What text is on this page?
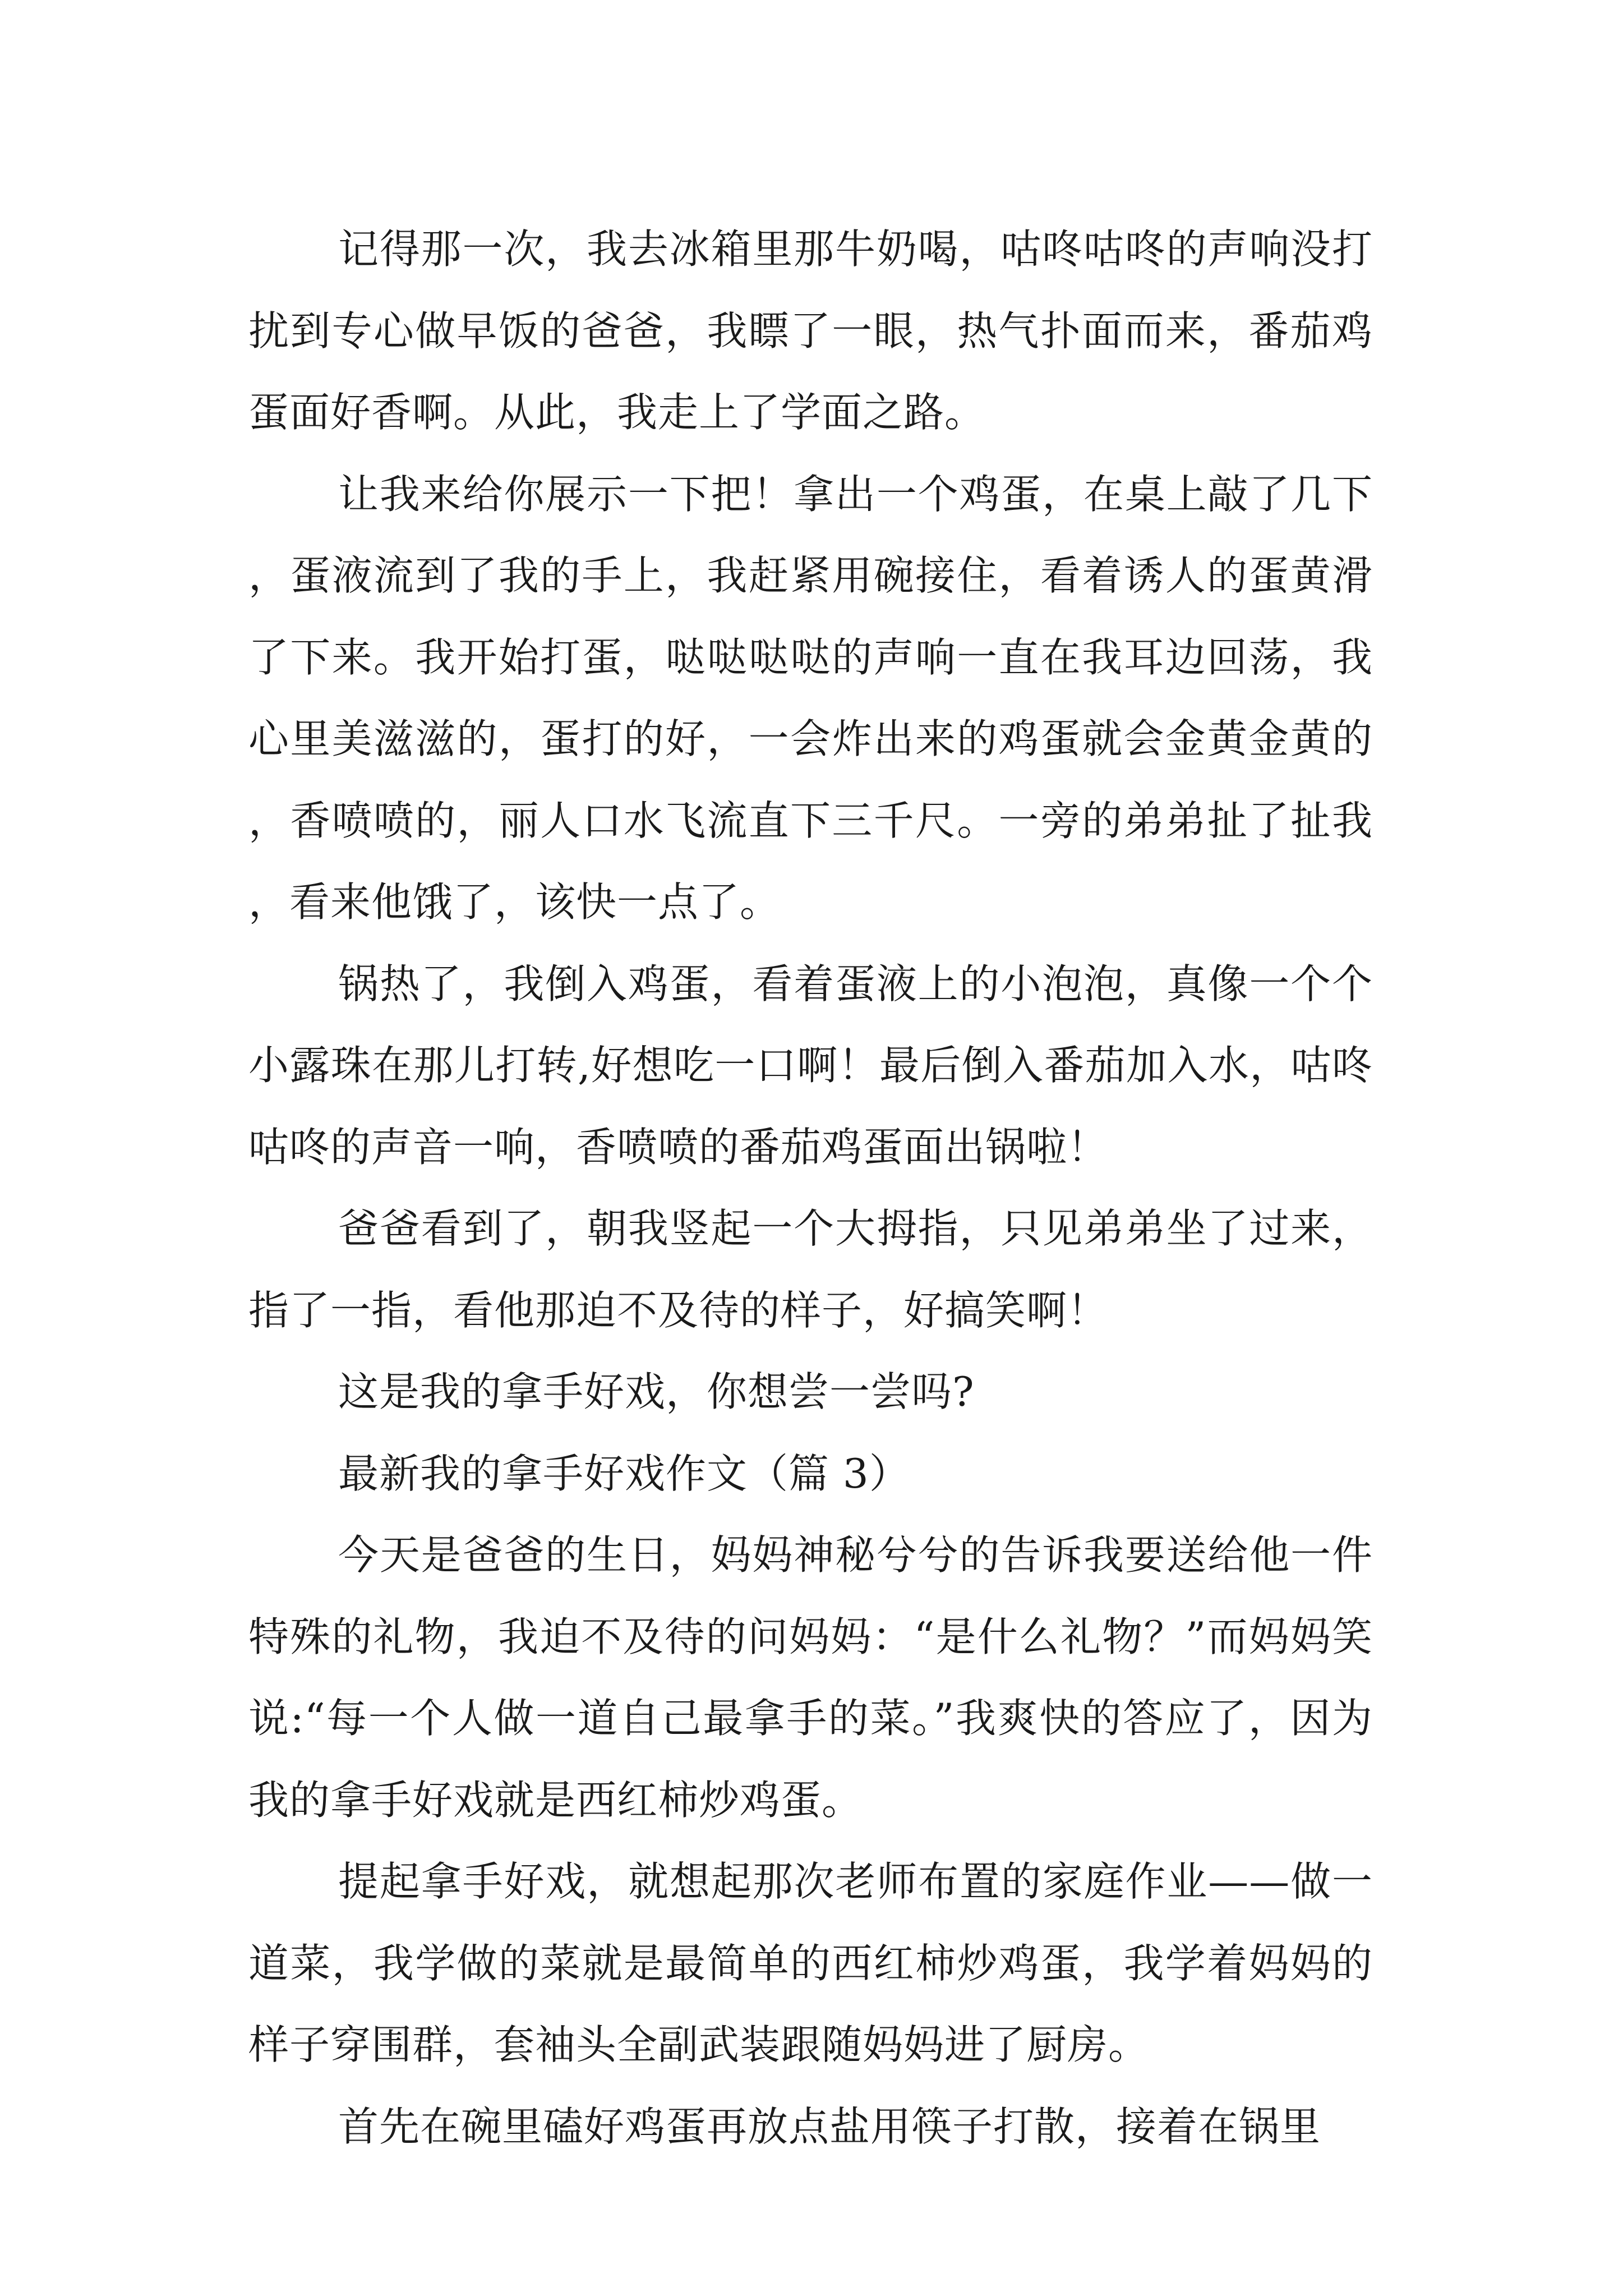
记得那一次，我去冰箱里那牛奶喝，咕咚咕咚的声响没打扰到专心做早饭的爸爸，我瞟了一眼，热气扑面而来，番茄鸡蛋面好香啊。从此，我走上了学面之路。

让我来给你展示一下把！拿出一个鸡蛋，在桌上敲了几下，蛋液流到了我的手上，我赶紧用碗接住，看着诱人的蛋黄滑了下来。我开始打蛋，哒哒哒哒的声响一直在我耳边回荡，我心里美滋滋的，蛋打的好，一会炸出来的鸡蛋就会金黄金黄的，香喷喷的，丽人口水飞流直下三千尺。一旁的弟弟扯了扯我，看来他饿了，该快一点了。

锅热了，我倒入鸡蛋，看着蛋液上的小泡泡，真像一个个小露珠在那儿打转,好想吃一口啊！最后倒入番茄加入水，咕咚咕咚的声音一响，香喷喷的番茄鸡蛋面出锅啦！

爸爸看到了，朝我竖起一个大拇指，只见弟弟坐了过来，指了一指，看他那迫不及待的样子，好搞笑啊！

这是我的拿手好戏，你想尝一尝吗?

最新我的拿手好戏作文（篇 3）

今天是爸爸的生日，妈妈神秘兮兮的告诉我要送给他一件特殊的礼物，我迫不及待的问妈妈：“是什么礼物？”而妈妈笑说:“每一个人做一道自己最拿手的菜。”我爽快的答应了，因为我的拿手好戏就是西红柿炒鸡蛋。

提起拿手好戏，就想起那次老师布置的家庭作业——做一道菜，我学做的菜就是最简单的西红柿炒鸡蛋，我学着妈妈的样子穿围群，套袖头全副武装跟随妈妈进了厨房。

首先在碗里磕好鸡蛋再放点盐用筷子打散，接着在锅里
